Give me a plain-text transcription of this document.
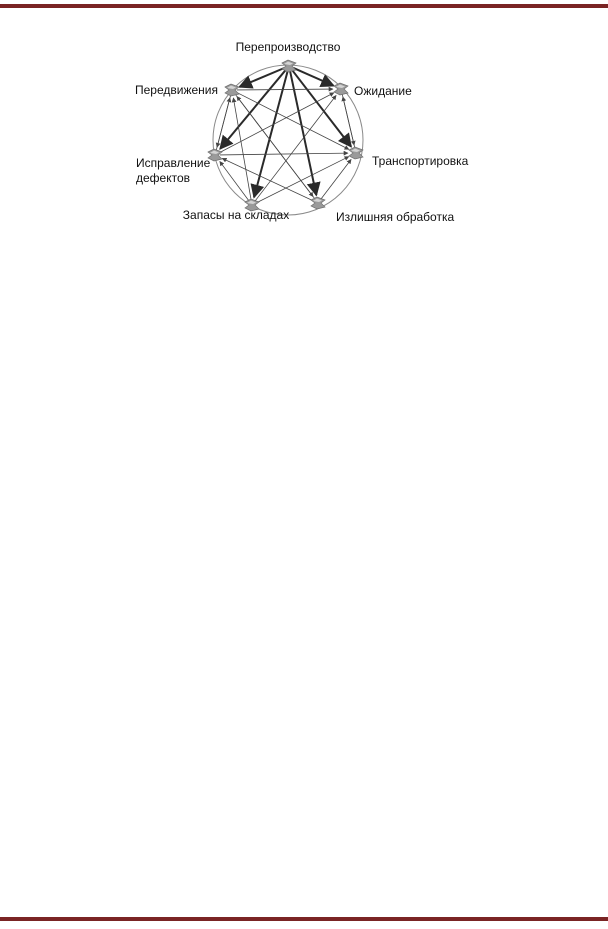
Перепроизводство
Ожидание
Транспортировка
Излишняя обработка
Запасы на складах
Исправление дефектов
Передвижения
